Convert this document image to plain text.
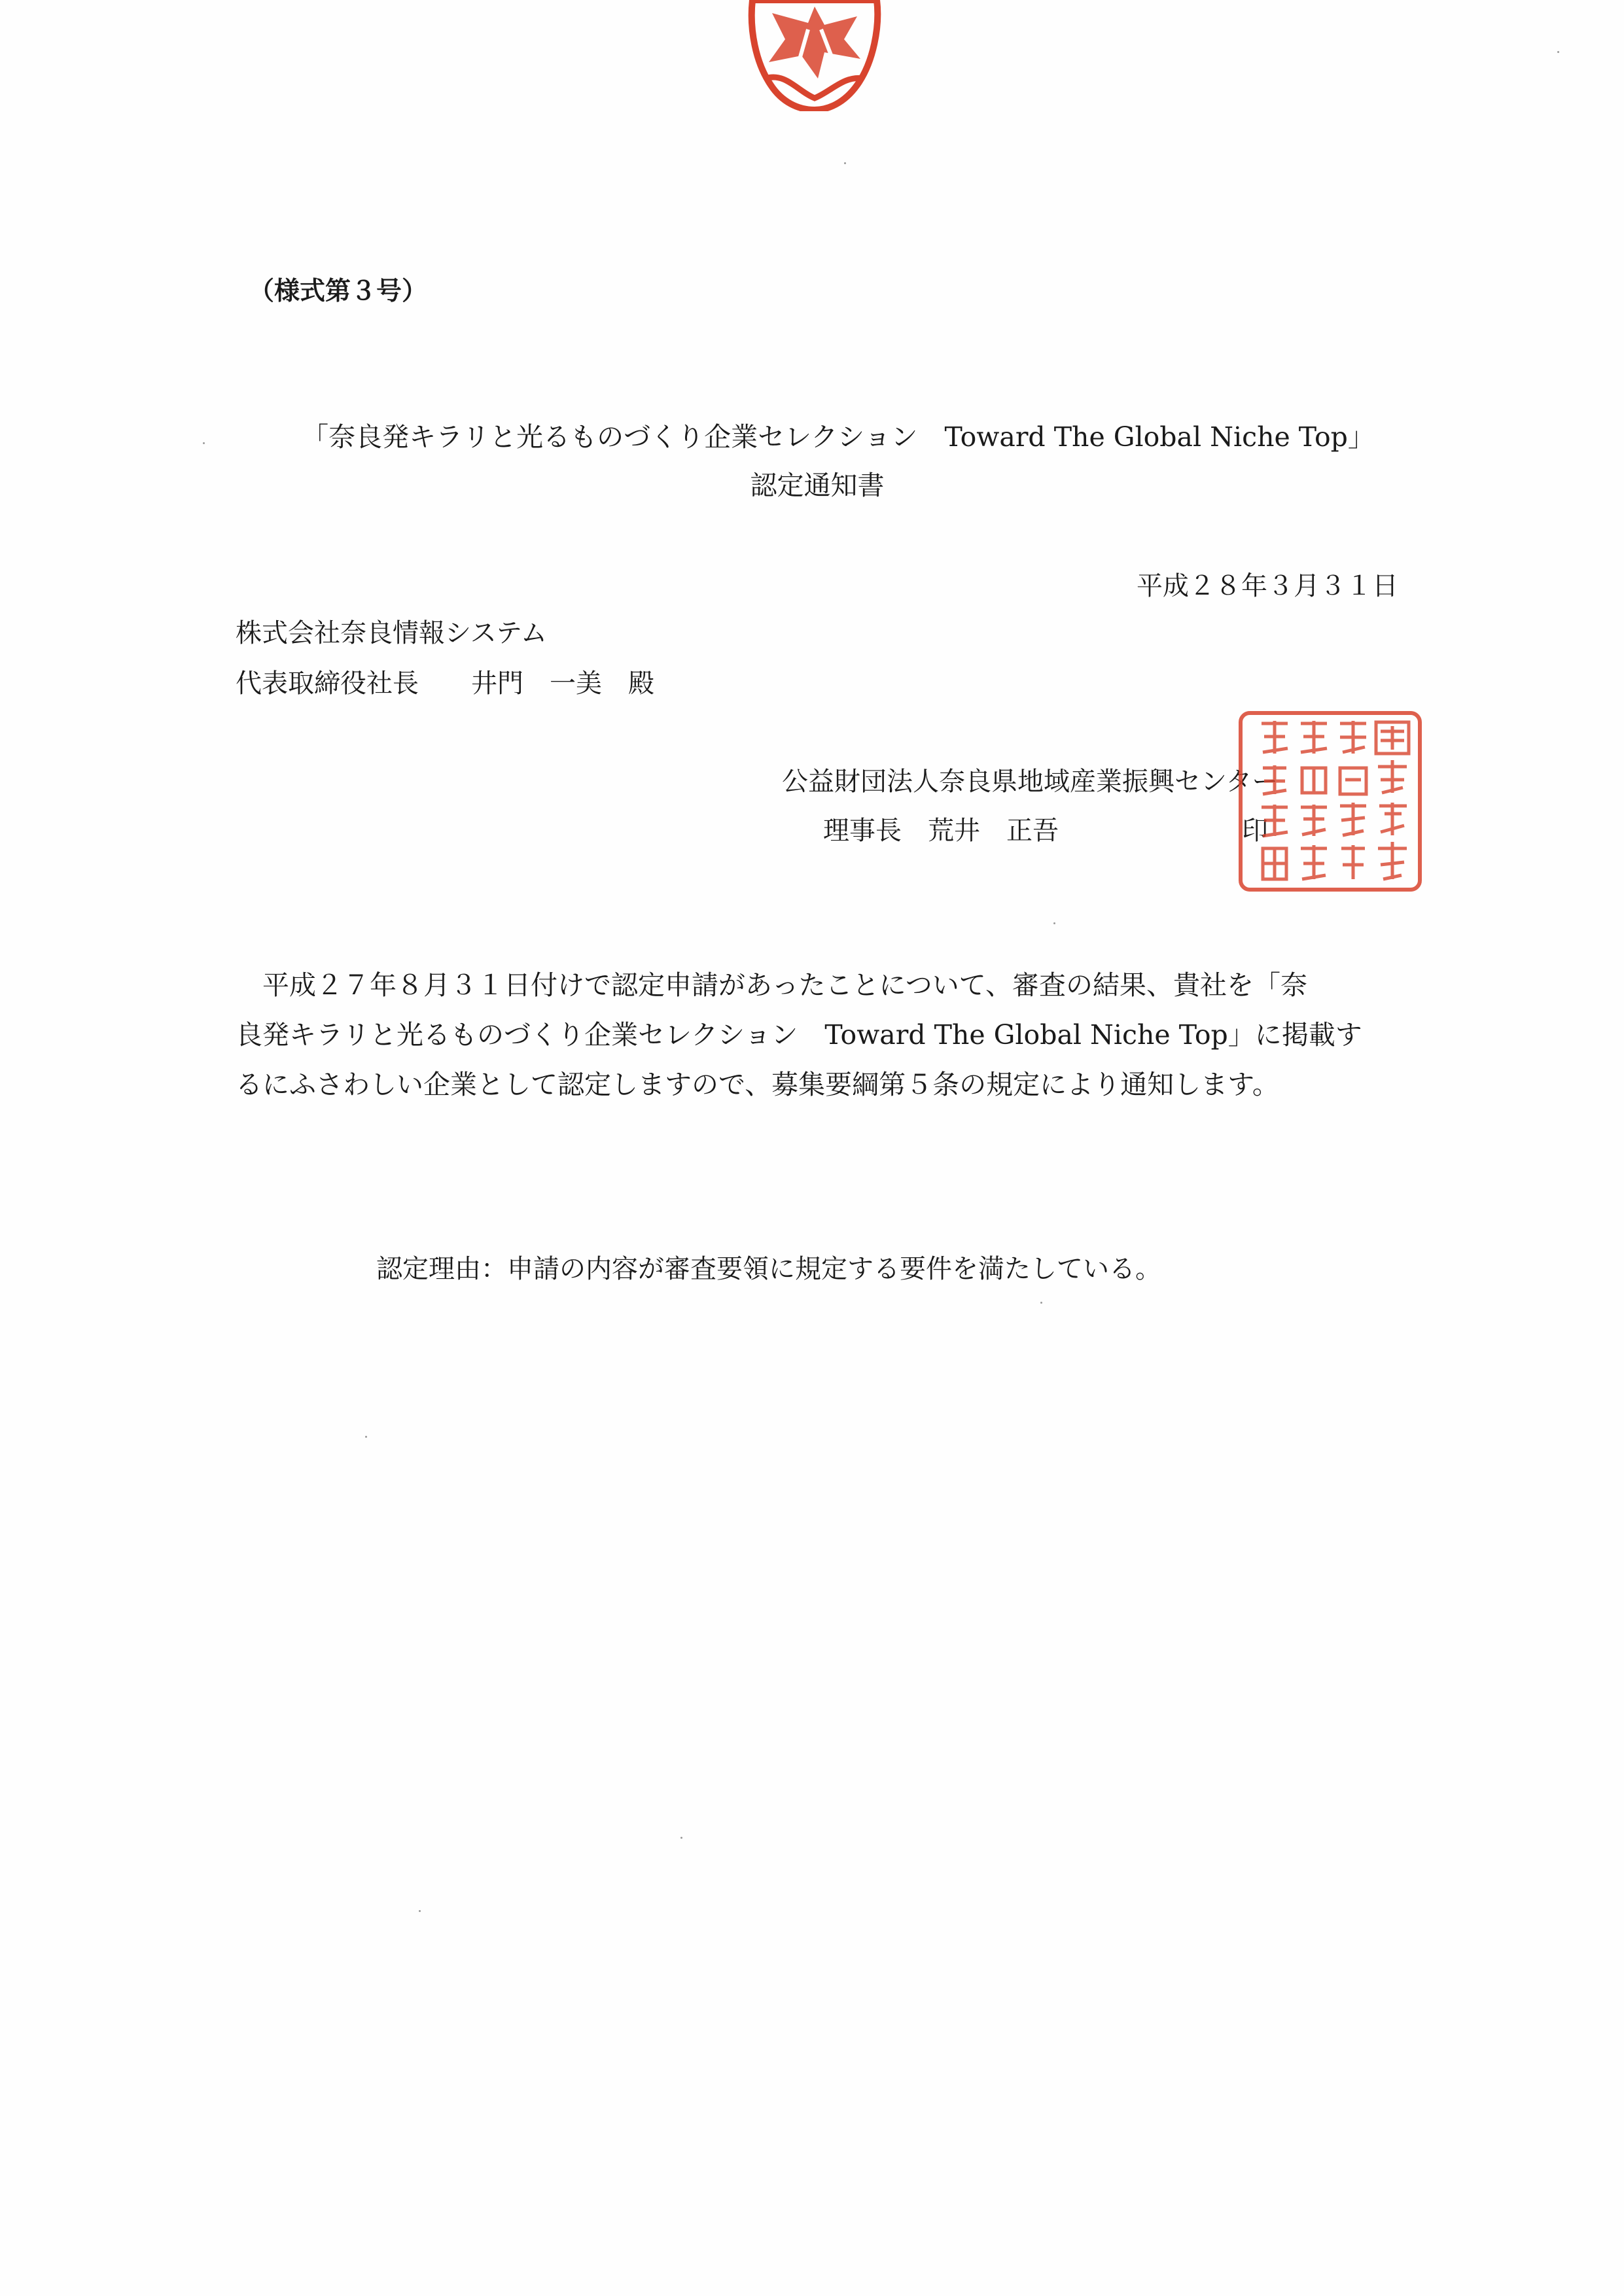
（様式第３号）
「奈良発キラリと光るものづくり企業セレクション　Toward The Global Niche Top」
認定通知書
平成２８年３月３１日
株式会社奈良情報システム
代表取締役社長　　井門　一美　殿
公益財団法人奈良県地域産業振興センター
理事長　荒井　正吾　　　　　　　印
　平成２７年８月３１日付けで認定申請があったことについて、審査の結果、貴社を「奈
良発キラリと光るものづくり企業セレクション　Toward The Global Niche Top」に掲載す
るにふさわしい企業として認定しますので、募集要綱第５条の規定により通知します。
認定理由：申請の内容が審査要領に規定する要件を満たしている。
